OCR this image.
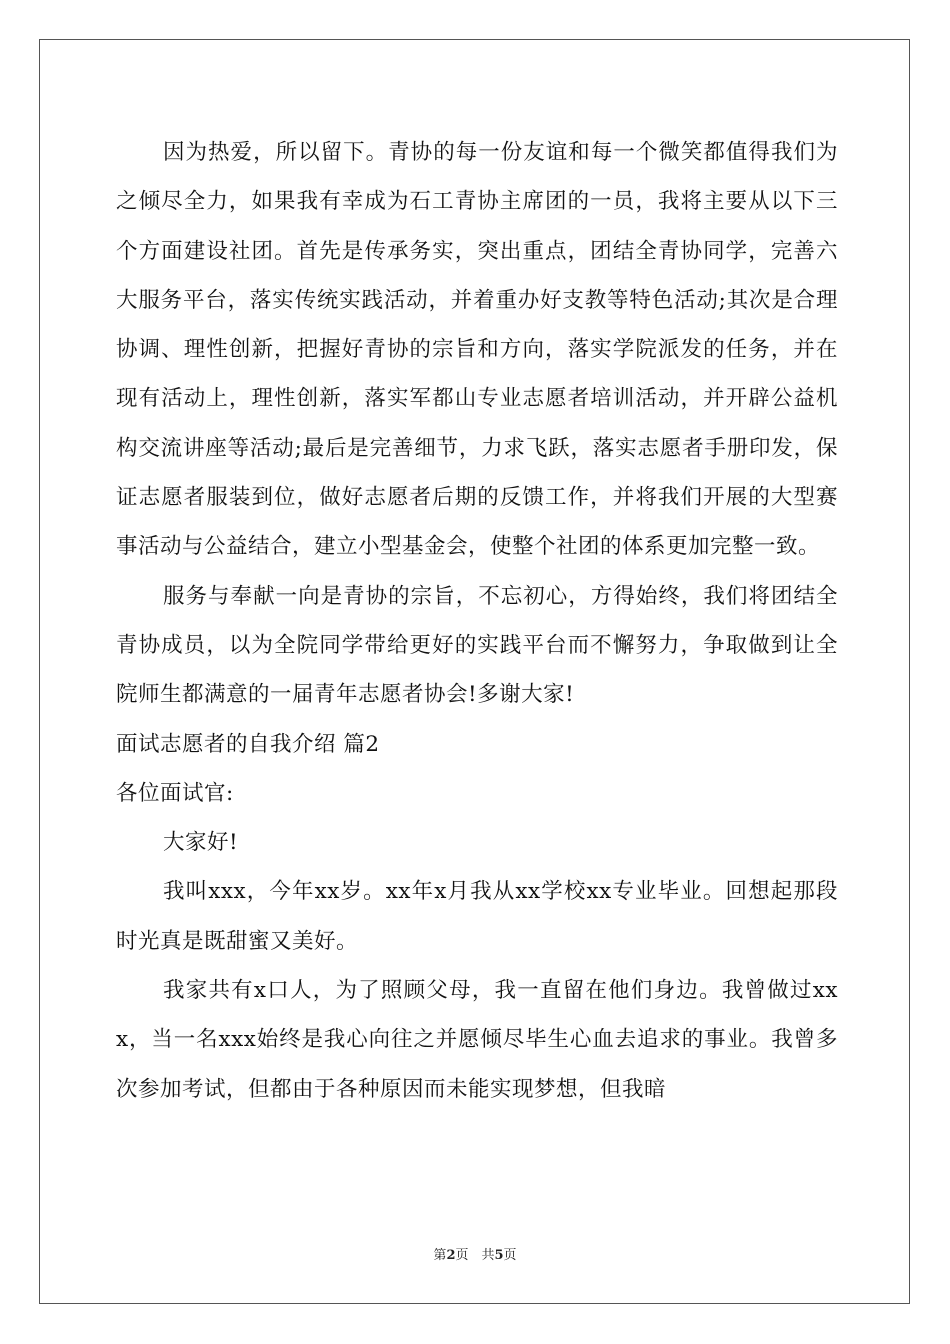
因为热爱，所以留下。青协的每一份友谊和每一个微笑都值得我们为之倾尽全力，如果我有幸成为石工青协主席团的一员，我将主要从以下三个方面建设社团。首先是传承务实，突出重点，团结全青协同学，完善六大服务平台，落实传统实践活动，并着重办好支教等特色活动;其次是合理协调、理性创新，把握好青协的宗旨和方向，落实学院派发的任务，并在现有活动上，理性创新，落实军都山专业志愿者培训活动，并开辟公益机构交流讲座等活动;最后是完善细节，力求飞跃，落实志愿者手册印发，保证志愿者服装到位，做好志愿者后期的反馈工作，并将我们开展的大型赛事活动与公益结合，建立小型基金会，使整个社团的体系更加完整一致。

服务与奉献一向是青协的宗旨，不忘初心，方得始终，我们将团结全青协成员，以为全院同学带给更好的实践平台而不懈努力，争取做到让全院师生都满意的一届青年志愿者协会!多谢大家!

面试志愿者的自我介绍 篇2

各位面试官:

大家好!

我叫xxx，今年xx岁。xx年x月我从xx学校xx专业毕业。回想起那段时光真是既甜蜜又美好。

我家共有x口人，为了照顾父母，我一直留在他们身边。我曾做过xxx，当一名xxx始终是我心向往之并愿倾尽毕生心血去追求的事业。我曾多次参加考试，但都由于各种原因而未能实现梦想，但我暗

第2页　共5页
